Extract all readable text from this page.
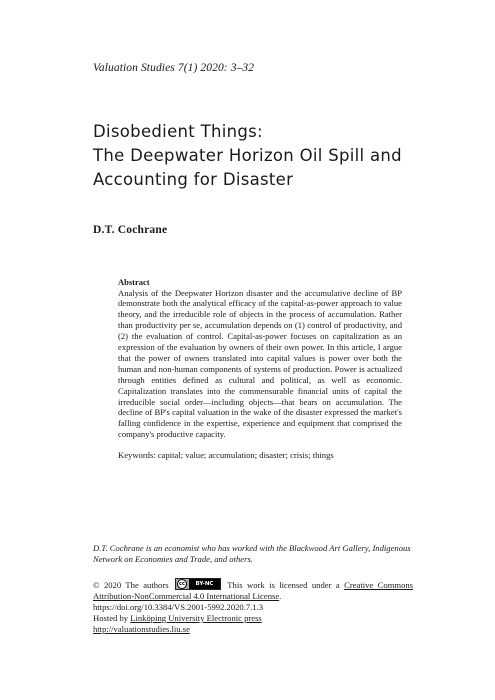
Valuation Studies 7(1) 2020: 3–32
Disobedient Things:
The Deepwater Horizon Oil Spill and
Accounting for Disaster
D.T. Cochrane

Abstract

Analysis of the Deepwater Horizon disaster and the accumulative decline of BP demonstrate both the analytical efficacy of the capital-as-power approach to value theory, and the irreducible role of objects in the process of accumulation. Rather than productivity per se, accumulation depends on (1) control of productivity, and (2) the evaluation of control. Capital-as-power focuses on capitalization as an expression of the evaluation by owners of their own power. In this article, I argue that the power of owners translated into capital values is power over both the human and non-human components of systems of production. Power is actualized through entities defined as cultural and political, as well as economic. Capitalization translates into the commensurable financial units of capital the irreducible social order—including objects—that bears on accumulation. The decline of BP's capital valuation in the wake of the disaster expressed the market's falling confidence in the expertise, experience and equipment that comprised the company's productive capacity.

Keywords: capital; value; accumulation; disaster; crisis; things

D.T. Cochrane is an economist who has worked with the Blackwood Art Gallery, Indigenous Network on Economies and Trade, and others.

© 2020 The authors	cc	BY-NC	This work is licensed under a Creative Commons Attribution-NonCommercial 4.0 International License.
https://doi.org/10.3384/VS.2001-5992.2020.7.1.3
Hosted by Linköping University Electronic press
http://valuationstudies.liu.se
